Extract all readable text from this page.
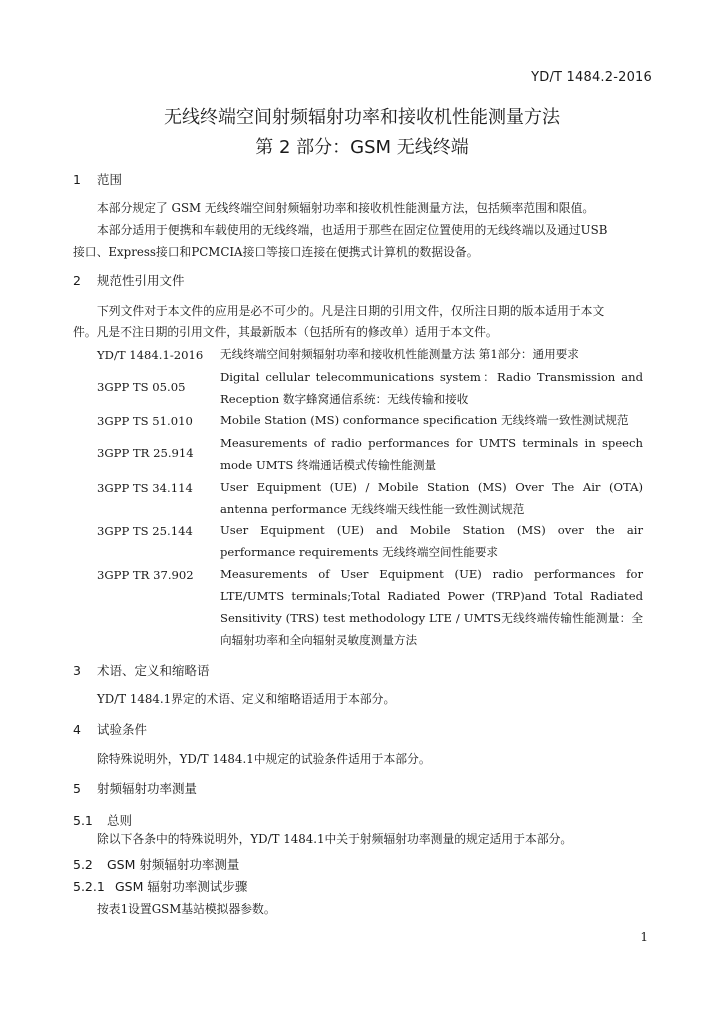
YD/T 1484.2-2016
无线终端空间射频辐射功率和接收机性能测量方法
第 2 部分：GSM 无线终端
1 范围
本部分规定了 GSM 无线终端空间射频辐射功率和接收机性能测量方法，包括频率范围和限值。
本部分适用于便携和车载使用的无线终端，也适用于那些在固定位置使用的无线终端以及通过USB
接口、Express接口和PCMCIA接口等接口连接在便携式计算机的数据设备。
2 规范性引用文件
下列文件对于本文件的应用是必不可少的。凡是注日期的引用文件，仅所注日期的版本适用于本文
件。凡是不注日期的引用文件，其最新版本（包括所有的修改单）适用于本文件。
YD/T 1484.1-2016 无线终端空间射频辐射功率和接收机性能测量方法 第1部分：通用要求
3GPP TS 05.05
Digital cellular telecommunications system：Radio Transmission and Reception 数字蜂窝通信系统：无线传输和接收
3GPP TS 51.010 Mobile Station (MS) conformance specification 无线终端一致性测试规范
3GPP TR 25.914
Measurements of radio performances for UMTS terminals in speech mode UMTS 终端通话模式传输性能测量
3GPP TS 34.114 User Equipment (UE) / Mobile Station (MS) Over The Air (OTA) antenna performance 无线终端天线性能一致性测试规范
3GPP TS 25.144 User Equipment (UE) and Mobile Station (MS) over the air performance requirements 无线终端空间性能要求
3GPP TR 37.902 Measurements of User Equipment (UE) radio performances for LTE/UMTS terminals;Total Radiated Power (TRP)and Total Radiated Sensitivity (TRS) test methodology LTE / UMTS无线终端传输性能测量：全向辐射功率和全向辐射灵敏度测量方法
3 术语、定义和缩略语
YD/T 1484.1界定的术语、定义和缩略语适用于本部分。
4 试验条件
除特殊说明外，YD/T 1484.1中规定的试验条件适用于本部分。
5 射频辐射功率测量
5.1 总则
除以下各条中的特殊说明外，YD/T 1484.1中关于射频辐射功率测量的规定适用于本部分。
5.2 GSM 射频辐射功率测量
5.2.1 GSM 辐射功率测试步骤
按表1设置GSM基站模拟器参数。
1
